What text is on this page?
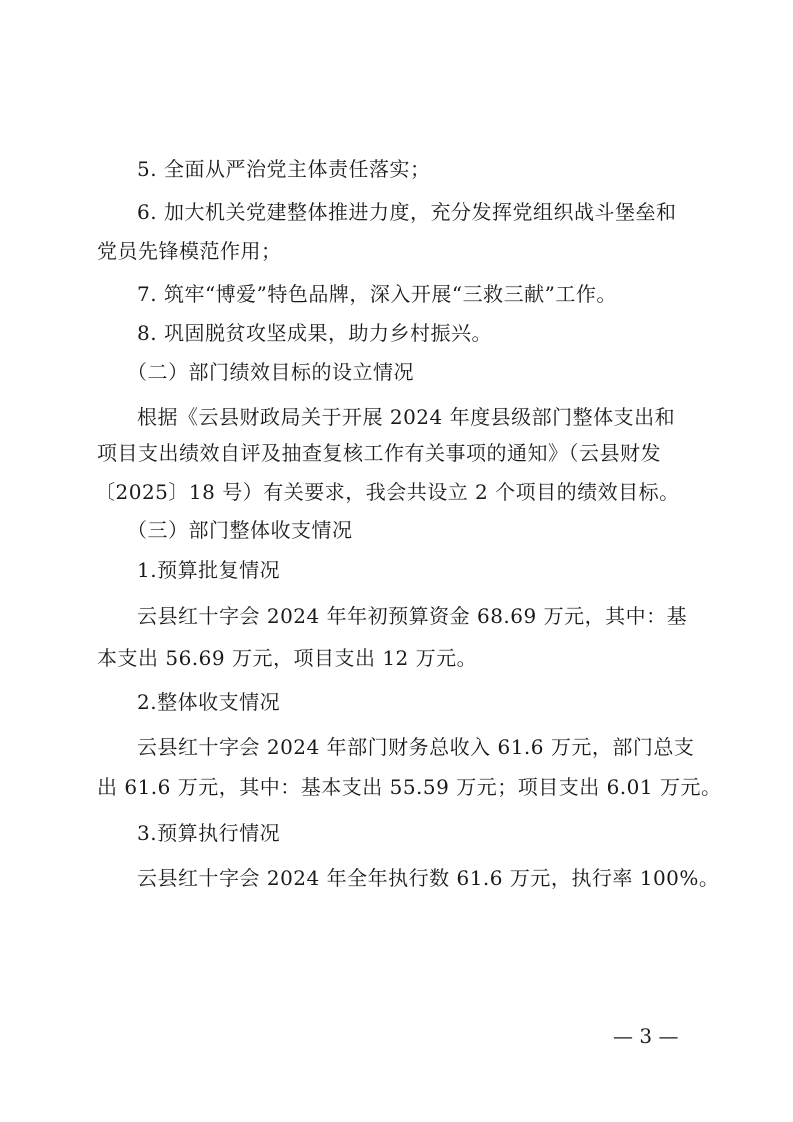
5. 全面从严治党主体责任落实；
6. 加大机关党建整体推进力度，充分发挥党组织战斗堡垒和
党员先锋模范作用；
7. 筑牢“博爱”特色品牌，深入开展“三救三献”工作。
8. 巩固脱贫攻坚成果，助力乡村振兴。
（二）部门绩效目标的设立情况
根据《云县财政局关于开展 2024 年度县级部门整体支出和
项目支出绩效自评及抽查复核工作有关事项的通知》（云县财发
〔2025〕18 号）有关要求，我会共设立 2 个项目的绩效目标。
（三）部门整体收支情况
1.预算批复情况
云县红十字会 2024 年年初预算资金 68.69 万元，其中：基
本支出 56.69 万元，项目支出 12 万元。
2.整体收支情况
云县红十字会 2024 年部门财务总收入 61.6 万元，部门总支
出 61.6 万元，其中：基本支出 55.59 万元；项目支出 6.01 万元。
3.预算执行情况
云县红十字会 2024 年全年执行数 61.6 万元，执行率 100%。
— 3 —
